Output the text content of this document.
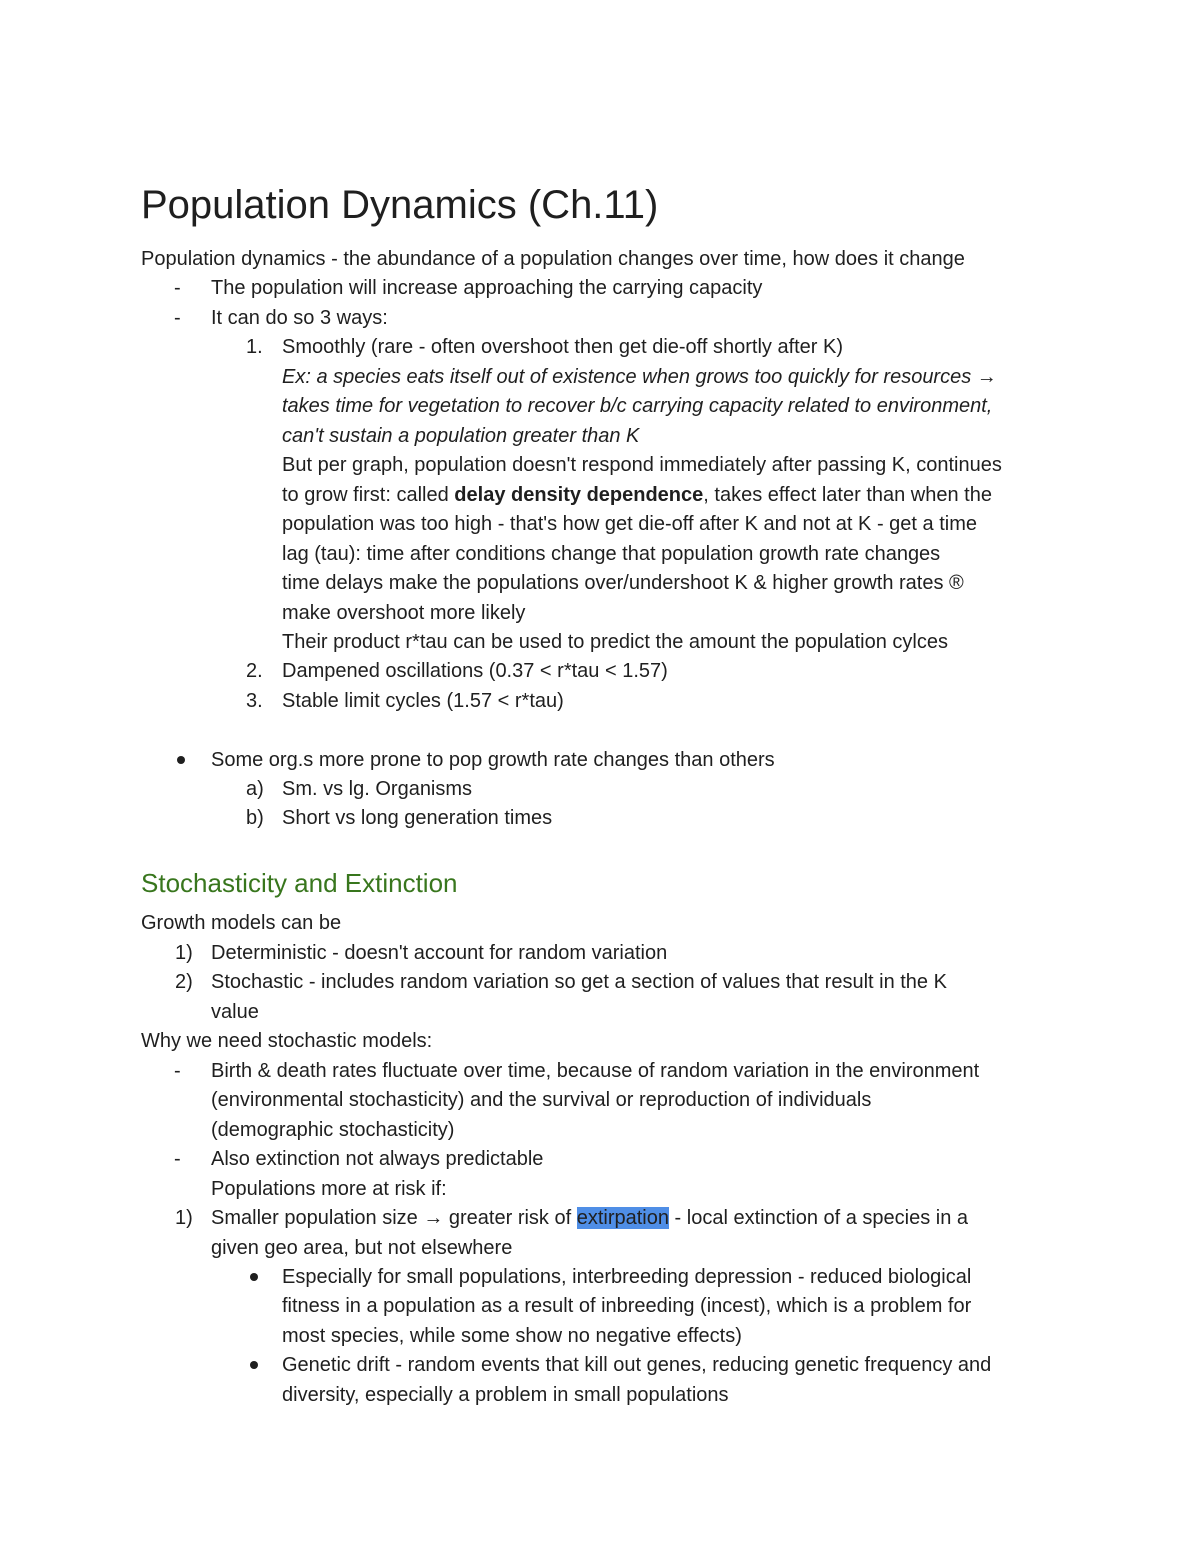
Population Dynamics (Ch.11)
Population dynamics - the abundance of a population changes over time, how does it change
- The population will increase approaching the carrying capacity
- It can do so 3 ways:
1. Smoothly (rare - often overshoot then get die-off shortly after K)
Ex: a species eats itself out of existence when grows too quickly for resources →
takes time for vegetation to recover b/c carrying capacity related to environment,
can't sustain a population greater than K
But per graph, population doesn't respond immediately after passing K, continues
to grow first: called delay density dependence, takes effect later than when the
population was too high - that's how get die-off after K and not at K - get a time
lag (tau): time after conditions change that population growth rate changes
time delays make the populations over/undershoot K & higher growth rates ®
make overshoot more likely
Their product r*tau can be used to predict the amount the population cylces
2. Dampened oscillations (0.37 < r*tau < 1.57)
3. Stable limit cycles (1.57 < r*tau)
Some org.s more prone to pop growth rate changes than others
a) Sm. vs lg. Organisms
b) Short vs long generation times
Stochasticity and Extinction
Growth models can be
1) Deterministic - doesn't account for random variation
2) Stochastic - includes random variation so get a section of values that result in the K
value
Why we need stochastic models:
- Birth & death rates fluctuate over time, because of random variation in the environment
(environmental stochasticity) and the survival or reproduction of individuals
(demographic stochasticity)
- Also extinction not always predictable
Populations more at risk if:
1) Smaller population size → greater risk of extirpation - local extinction of a species in a
given geo area, but not elsewhere
Especially for small populations, interbreeding depression - reduced biological
fitness in a population as a result of inbreeding (incest), which is a problem for
most species, while some show no negative effects)
Genetic drift - random events that kill out genes, reducing genetic frequency and
diversity, especially a problem in small populations
